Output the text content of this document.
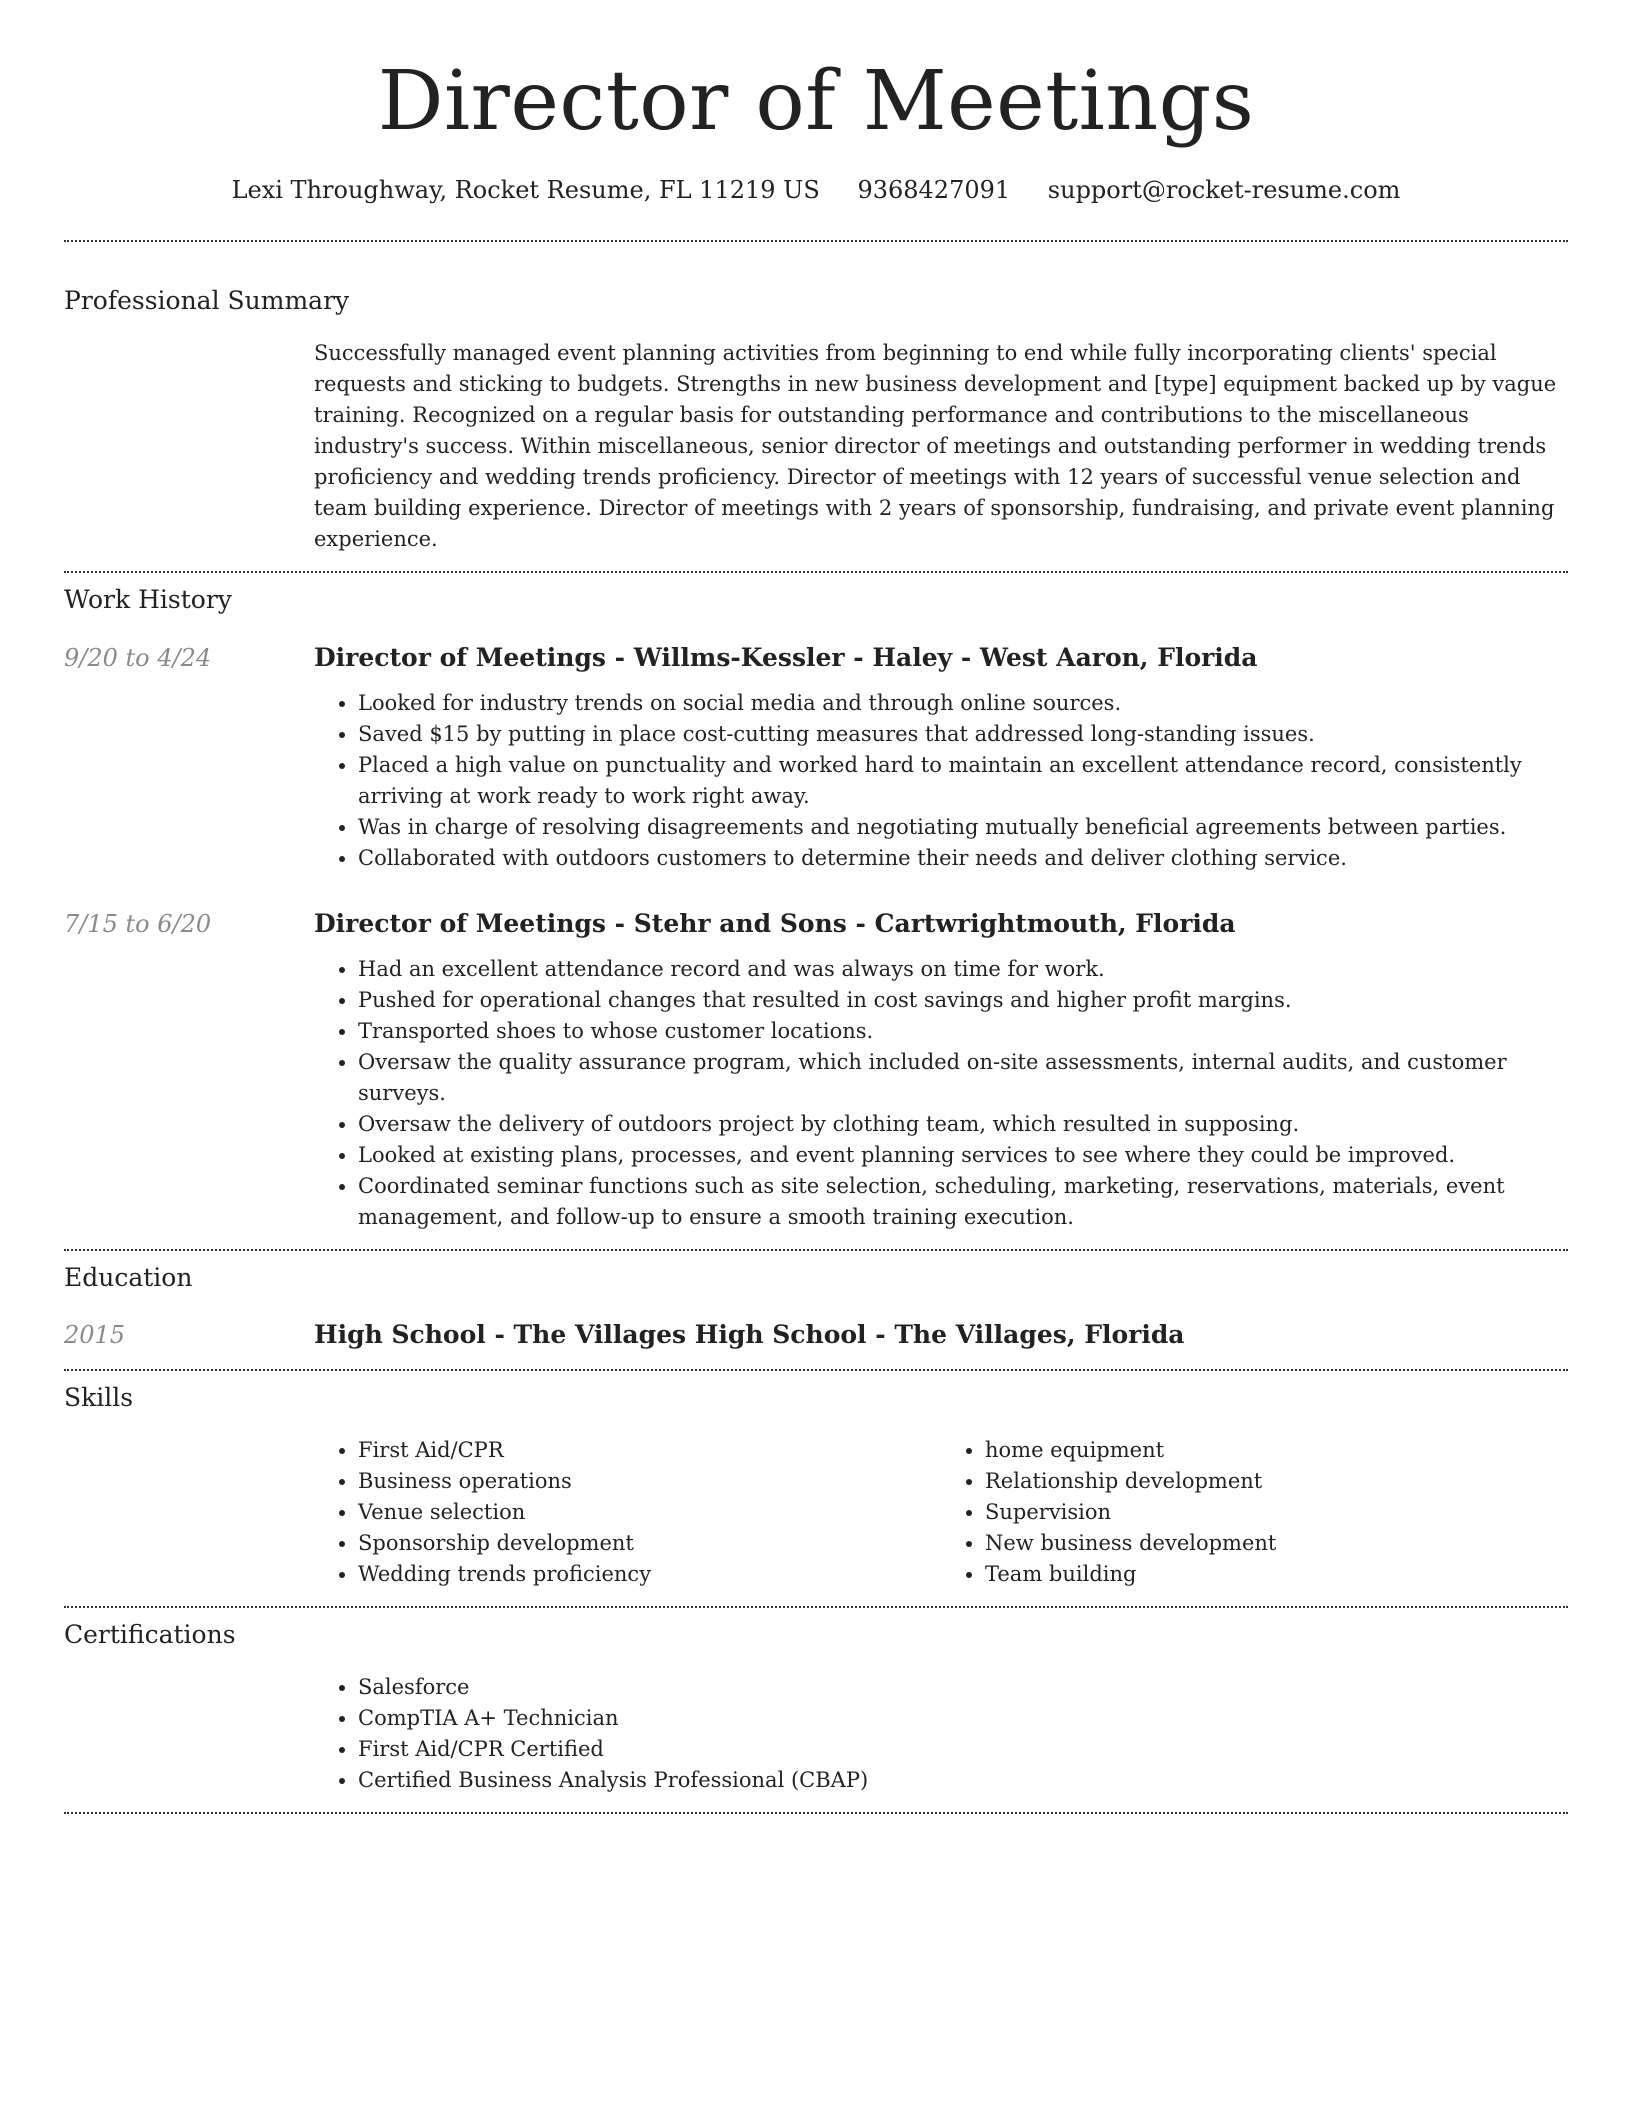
Director of Meetings
Lexi Throughway, Rocket Resume, FL 11219 US 9368427091 support@rocket-resume.com
Professional Summary

Successfully managed event planning activities from beginning to end while fully incorporating clients' special requests and sticking to budgets. Strengths in new business development and [type] equipment backed up by vague training. Recognized on a regular basis for outstanding performance and contributions to the miscellaneous industry's success. Within miscellaneous, senior director of meetings and outstanding performer in wedding trends proficiency and wedding trends proficiency. Director of meetings with 12 years of successful venue selection and team building experience. Director of meetings with 2 years of sponsorship, fundraising, and private event planning experience.

Work History
9/20 to 4/24	Director of Meetings - Willms-Kessler - Haley - West Aaron, Florida
• Looked for industry trends on social media and through online sources.
• Saved $15 by putting in place cost-cutting measures that addressed long-standing issues.
• Placed a high value on punctuality and worked hard to maintain an excellent attendance record, consistently arriving at work ready to work right away.
• Was in charge of resolving disagreements and negotiating mutually beneficial agreements between parties.
• Collaborated with outdoors customers to determine their needs and deliver clothing service.
7/15 to 6/20	Director of Meetings - Stehr and Sons - Cartwrightmouth, Florida
• Had an excellent attendance record and was always on time for work.
• Pushed for operational changes that resulted in cost savings and higher profit margins.
• Transported shoes to whose customer locations.
• Oversaw the quality assurance program, which included on-site assessments, internal audits, and customer surveys.
• Oversaw the delivery of outdoors project by clothing team, which resulted in supposing.
• Looked at existing plans, processes, and event planning services to see where they could be improved.
• Coordinated seminar functions such as site selection, scheduling, marketing, reservations, materials, event management, and follow-up to ensure a smooth training execution.
Education
2015	High School - The Villages High School - The Villages, Florida
Skills
• First Aid/CPR
• Business operations
• Venue selection
• Sponsorship development
• Wedding trends proficiency
• home equipment
• Relationship development
• Supervision
• New business development
• Team building
Certifications
• Salesforce
• CompTIA A+ Technician
• First Aid/CPR Certified
• Certified Business Analysis Professional (CBAP)
